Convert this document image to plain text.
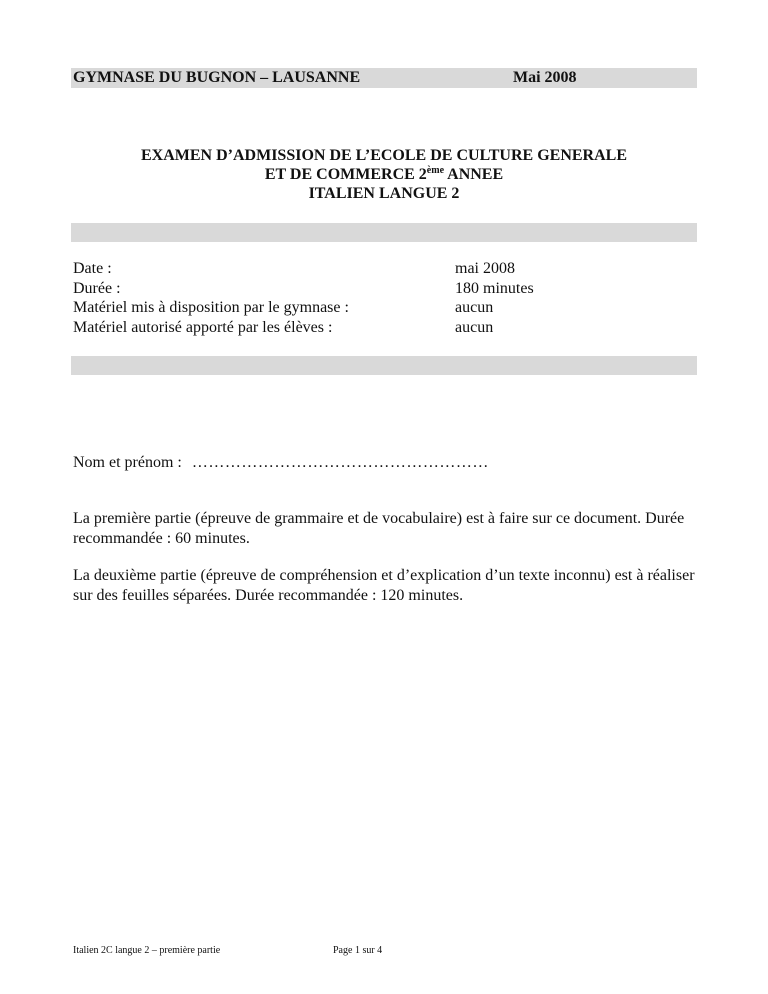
GYMNASE DU BUGNON – LAUSANNE	Mai 2008
EXAMEN D’ADMISSION DE L’ECOLE DE CULTURE GENERALE
ET DE COMMERCE 2ème ANNEE
ITALIEN LANGUE 2
Date :	mai 2008
Durée :	180 minutes
Matériel mis à disposition par le gymnase :	aucun
Matériel autorisé apporté par les élèves :	aucun
Nom et prénom : ………………………………………………
La première partie (épreuve de grammaire et de vocabulaire) est à faire sur ce document. Durée recommandée : 60 minutes.
La deuxième partie (épreuve de compréhension et d’explication d’un texte inconnu) est à réaliser sur des feuilles séparées. Durée recommandée : 120 minutes.
Italien 2C langue 2 – première partie	Page 1 sur 4
